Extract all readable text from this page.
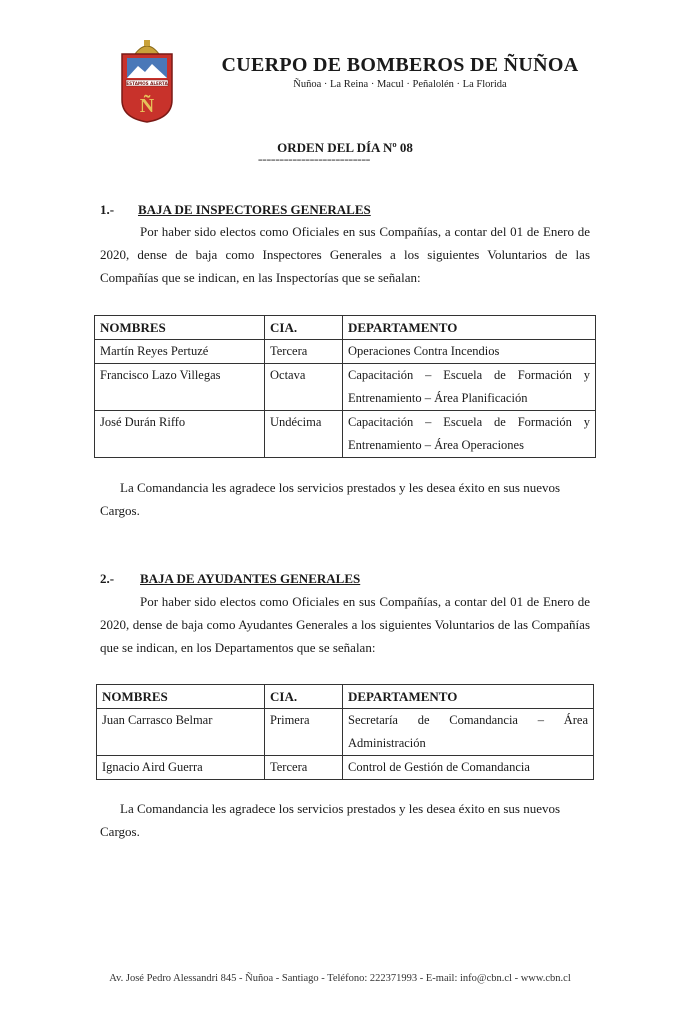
ESTAMOS ALERTA
Ñ
CUERPO DE BOMBEROS DE ÑUÑOA
Ñuñoa · La Reina · Macul · Peñalolén · La Florida
ORDEN DEL DÍA Nº 08
==========================
1.- BAJA DE INSPECTORES GENERALES
Por haber sido electos como Oficiales en sus Compañías, a contar del 01 de Enero de 2020, dense de baja como Inspectores Generales a los siguientes Voluntarios de las Compañías que se indican, en las Inspectorías que se señalan:
NOMBRES	CIA.	DEPARTAMENTO
Martín Reyes Pertuzé	Tercera	Operaciones Contra Incendios
Francisco Lazo Villegas	Octava	Capacitación – Escuela de Formación y Entrenamiento – Área Planificación
José Durán Riffo	Undécima	Capacitación – Escuela de Formación y Entrenamiento – Área Operaciones
La Comandancia les agradece los servicios prestados y les desea éxito en sus nuevos
Cargos.
2.- BAJA DE AYUDANTES GENERALES
Por haber sido electos como Oficiales en sus Compañías, a contar del 01 de Enero de 2020, dense de baja como Ayudantes Generales a los siguientes Voluntarios de las Compañías que se indican, en los Departamentos que se señalan:
NOMBRES	CIA.	DEPARTAMENTO
Juan Carrasco Belmar	Primera	Secretaría de Comandancia – Área Administración
Ignacio Aird Guerra	Tercera	Control de Gestión de Comandancia
La Comandancia les agradece los servicios prestados y les desea éxito en sus nuevos
Cargos.
Av. José Pedro Alessandri 845 - Ñuñoa - Santiago - Teléfono: 222371993 - E-mail: info@cbn.cl - www.cbn.cl
